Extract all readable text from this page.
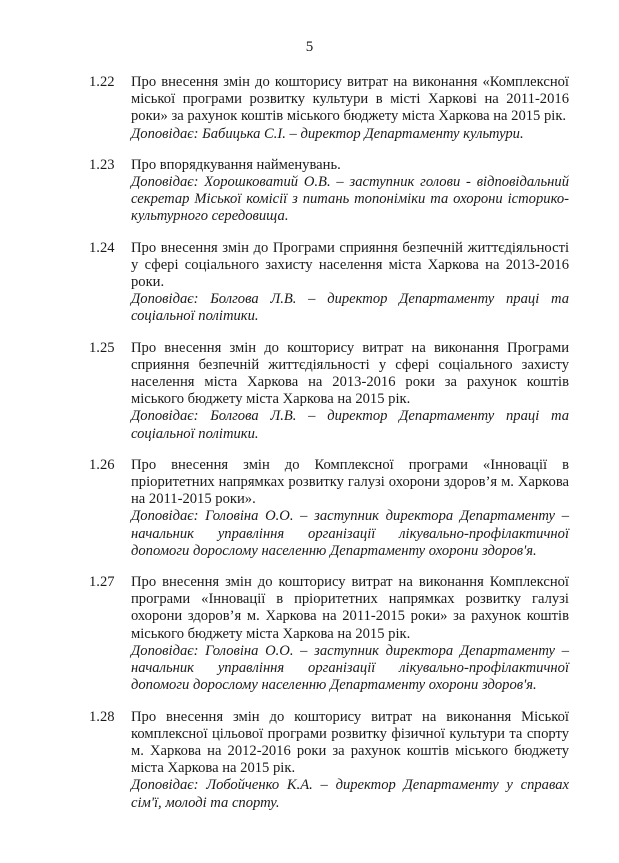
5
1.22	Про внесення змін до кошторису витрат на виконання «Комплексної міської програми розвитку культури в місті Харкові на 2011-2016 роки» за рахунок коштів міського бюджету міста Харкова на 2015 рік.

Доповідає: Бабицька С.І. – директор Департаменту культури.

1.23	Про впорядкування найменувань.

Доповідає: Хорошковатий О.В. – заступник голови - відповідальний секретар Міської комісії з питань топоніміки та охорони історико-культурного середовища.

1.24	Про внесення змін до Програми сприяння безпечній життєдіяльності у сфері соціального захисту населення міста Харкова на 2013-2016 роки.

Доповідає: Болгова Л.В. – директор Департаменту праці та соціальної політики.

1.25	Про внесення змін до кошторису витрат на виконання Програми сприяння безпечній життєдіяльності у сфері соціального захисту населення міста Харкова на 2013-2016 роки за рахунок коштів міського бюджету міста Харкова на 2015 рік.

Доповідає: Болгова Л.В. – директор Департаменту праці та соціальної політики.

1.26	Про внесення змін до Комплексної програми «Інновації в пріоритетних напрямках розвитку галузі охорони здоров’я м. Харкова на 2011-2015 роки».

Доповідає: Головіна О.О. – заступник директора Департаменту – начальник управління організації лікувально-профілактичної допомоги дорослому населенню Департаменту охорони здоров'я.

1.27	Про внесення змін до кошторису витрат на виконання Комплексної програми «Інновації в пріоритетних напрямках розвитку галузі охорони здоров’я м. Харкова на 2011-2015 роки» за рахунок коштів міського бюджету міста Харкова на 2015 рік.

Доповідає: Головіна О.О. – заступник директора Департаменту – начальник управління організації лікувально-профілактичної допомоги дорослому населенню Департаменту охорони здоров'я.

1.28	Про внесення змін до кошторису витрат на виконання Міської комплексної цільової програми розвитку фізичної культури та спорту м. Харкова на 2012-2016 роки за рахунок коштів міського бюджету міста Харкова на 2015 рік.

Доповідає: Лобойченко К.А. – директор Департаменту у справах сім'ї, молоді та спорту.
